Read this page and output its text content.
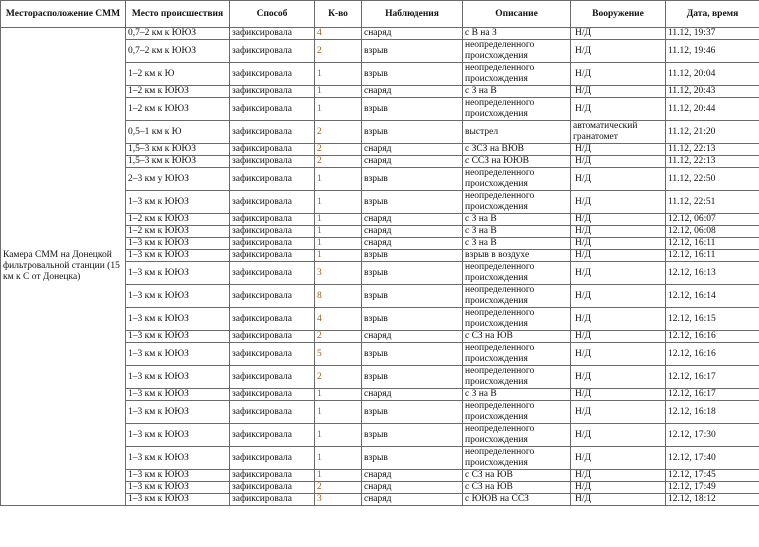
Месторасположение СММ	Место происшествия	Способ	К-во	Наблюдения	Описание	Вооружение	Дата, время
Камера СММ на Донецкой фильтровальной станции (15 км к С от Донецка)	0,7–2 км к ЮЮЗ	зафиксировала	4	снаряд	с В на З	Н/Д	11.12, 19:37
	0,7–2 км к ЮЮЗ	зафиксировала	2	взрыв	неопределенного происхождения	Н/Д	11.12, 19:46
	1–2 км к Ю	зафиксировала	1	взрыв	неопределенного происхождения	Н/Д	11.12, 20:04
	1–2 км к ЮЮЗ	зафиксировала	1	снаряд	с З на В	Н/Д	11.12, 20:43
	1–2 км к ЮЮЗ	зафиксировала	1	взрыв	неопределенного происхождения	Н/Д	11.12, 20:44
	0,5–1 км к Ю	зафиксировала	2	взрыв	выстрел	автоматический гранатомет	11.12, 21:20
	1,5–3 км к ЮЮЗ	зафиксировала	2	снаряд	с ЗСЗ на ВЮВ	Н/Д	11.12, 22:13
	1,5–3 км к ЮЮЗ	зафиксировала	2	снаряд	с ССЗ на ЮЮВ	Н/Д	11.12, 22:13
	2–3 км у ЮЮЗ	зафиксировала	1	взрыв	неопределенного происхождения	Н/Д	11.12, 22:50
	1–3 км к ЮЮЗ	зафиксировала	1	взрыв	неопределенного происхождения	Н/Д	11.12, 22:51
	1–2 км к ЮЮЗ	зафиксировала	1	снаряд	с З на В	Н/Д	12.12, 06:07
	1–2 км к ЮЮЗ	зафиксировала	1	снаряд	с З на В	Н/Д	12.12, 06:08
	1–3 км к ЮЮЗ	зафиксировала	1	снаряд	с З на В	Н/Д	12.12, 16:11
	1–3 км к ЮЮЗ	зафиксировала	1	взрыв	взрыв в воздухе	Н/Д	12.12, 16:11
	1–3 км к ЮЮЗ	зафиксировала	3	взрыв	неопределенного происхождения	Н/Д	12.12, 16:13
	1–3 км к ЮЮЗ	зафиксировала	8	взрыв	неопределенного происхождения	Н/Д	12.12, 16:14
	1–3 км к ЮЮЗ	зафиксировала	4	взрыв	неопределенного происхождения	Н/Д	12.12, 16:15
	1–3 км к ЮЮЗ	зафиксировала	2	снаряд	с СЗ на ЮВ	Н/Д	12.12, 16:16
	1–3 км к ЮЮЗ	зафиксировала	5	взрыв	неопределенного происхождения	Н/Д	12.12, 16:16
	1–3 км к ЮЮЗ	зафиксировала	2	взрыв	неопределенного происхождения	Н/Д	12.12, 16:17
	1–3 км к ЮЮЗ	зафиксировала	1	снаряд	с З на В	Н/Д	12.12, 16:17
	1–3 км к ЮЮЗ	зафиксировала	1	взрыв	неопределенного происхождения	Н/Д	12.12, 16:18
	1–3 км к ЮЮЗ	зафиксировала	1	взрыв	неопределенного происхождения	Н/Д	12.12, 17:30
	1–3 км к ЮЮЗ	зафиксировала	1	взрыв	неопределенного происхождения	Н/Д	12.12, 17:40
	1–3 км к ЮЮЗ	зафиксировала	1	снаряд	с СЗ на ЮВ	Н/Д	12.12, 17:45
	1–3 км к ЮЮЗ	зафиксировала	2	снаряд	с СЗ на ЮВ	Н/Д	12.12, 17:49
	1–3 км к ЮЮЗ	зафиксировала	3	снаряд	с ЮЮВ на ССЗ	Н/Д	12.12, 18:12
